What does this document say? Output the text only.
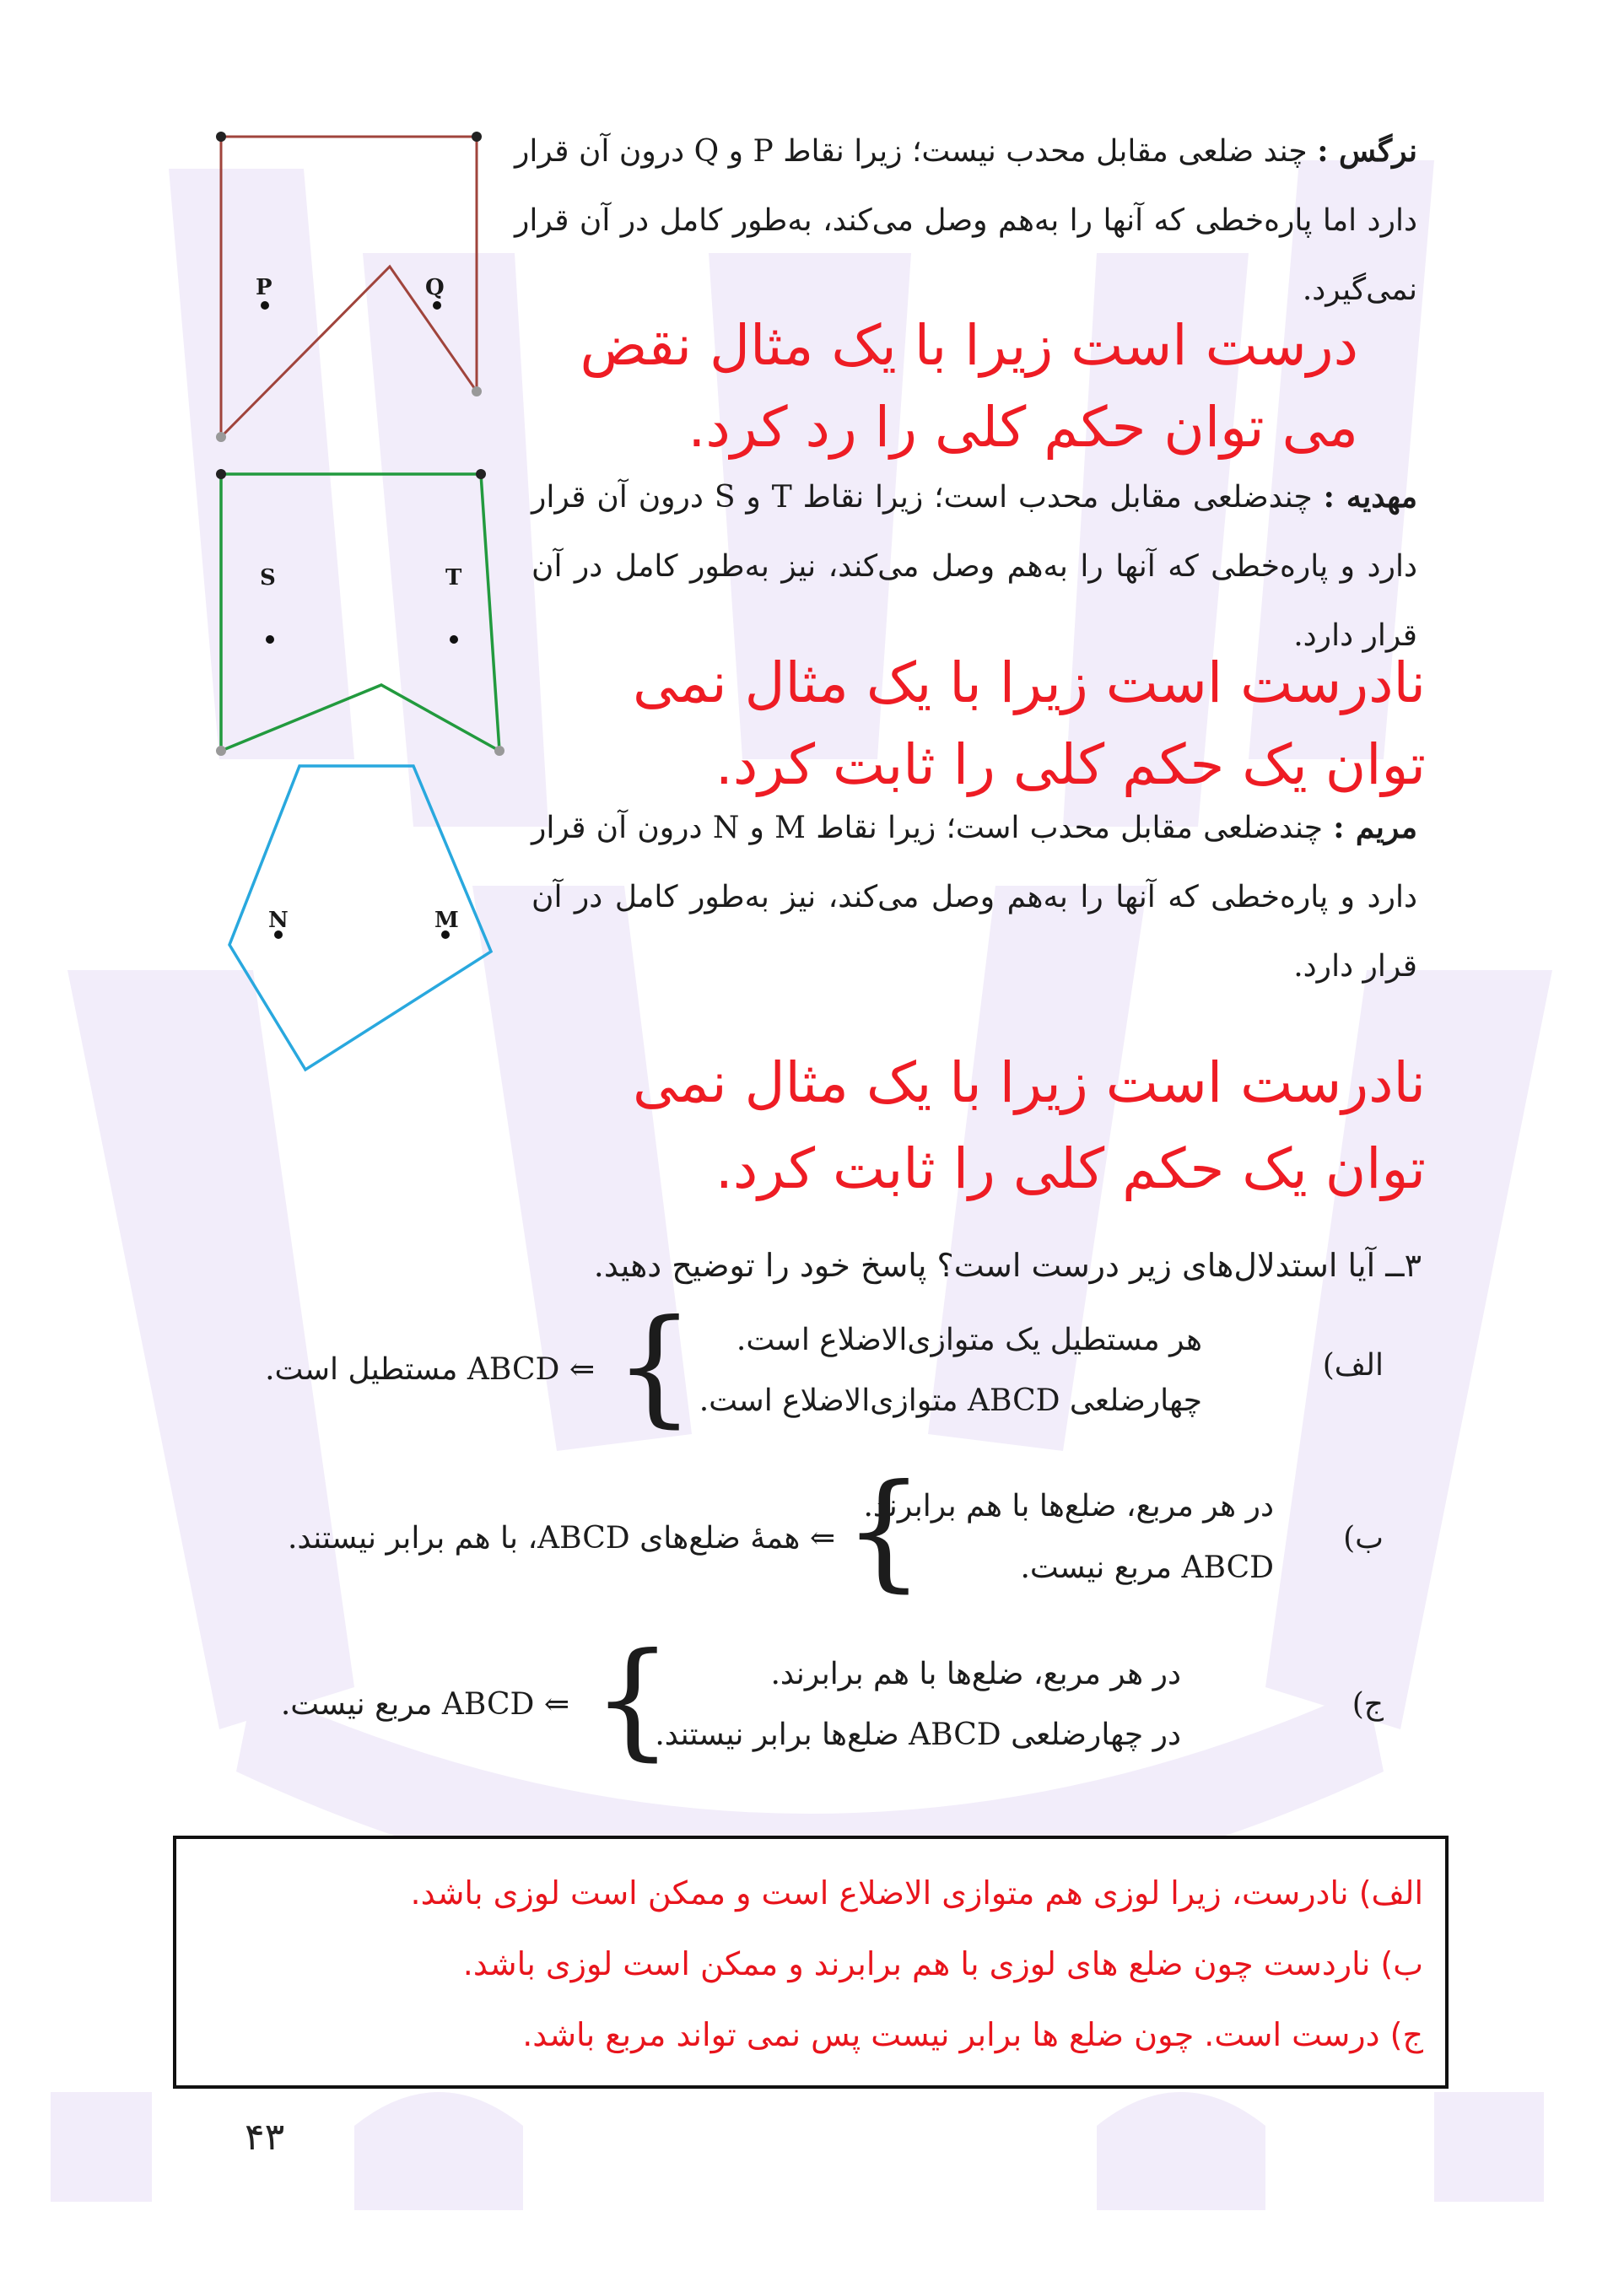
P	Q
نرگس : چند ضلعی مقابل محدب نیست؛ زیرا نقاط P و Q درون آن قرار دارد اما پاره‌خطی که آنها را به‌هم وصل می‌کند، به‌طور کامل در آن قرار نمی‌گیرد.
درست است زیرا با یک مثال نقض
می توان حکم کلی را رد کرد.
S	T
مهدیه : چندضلعی مقابل محدب است؛ زیرا نقاط T و S درون آن قرار دارد و پاره‌خطی که آنها را به‌هم وصل می‌کند، نیز به‌طور کامل در آن قرار دارد.
نادرست است زیرا با یک مثال نمی
توان یک حکم کلی را ثابت کرد.
N	M
مریم : چندضلعی مقابل محدب است؛ زیرا نقاط M و N درون آن قرار دارد و پاره‌خطی که آنها را به‌هم وصل می‌کند، نیز به‌طور کامل در آن قرار دارد.
نادرست است زیرا با یک مثال نمی
توان یک حکم کلی را ثابت کرد.
۳ــ آیا استدلال‌های زیر درست است؟ پاسخ خود را توضیح دهید.
الف)
هر مستطیل یک متوازی‌الاضلاع است.
چهارضلعی ABCD متوازی‌الاضلاع است.
{
⇐ ABCD مستطیل است.
ب)
در هر مربع، ضلع‌ها با هم برابرند.
ABCD مربع نیست.
{
⇐ همهٔ ضلع‌های ABCD، با هم برابر نیستند.
ج)
در هر مربع، ضلع‌ها با هم برابرند.
در چهارضلعی ABCD ضلع‌ها برابر نیستند.
{
⇐ ABCD مربع نیست.
الف) نادرست، زیرا لوزی هم متوازی الاضلاع است و ممکن است لوزی باشد.
ب) ناردست چون ضلع های لوزی با هم برابرند و ممکن است لوزی باشد.
ج) درست است. چون ضلع ها برابر نیست پس نمی تواند مربع باشد.
۴۳
